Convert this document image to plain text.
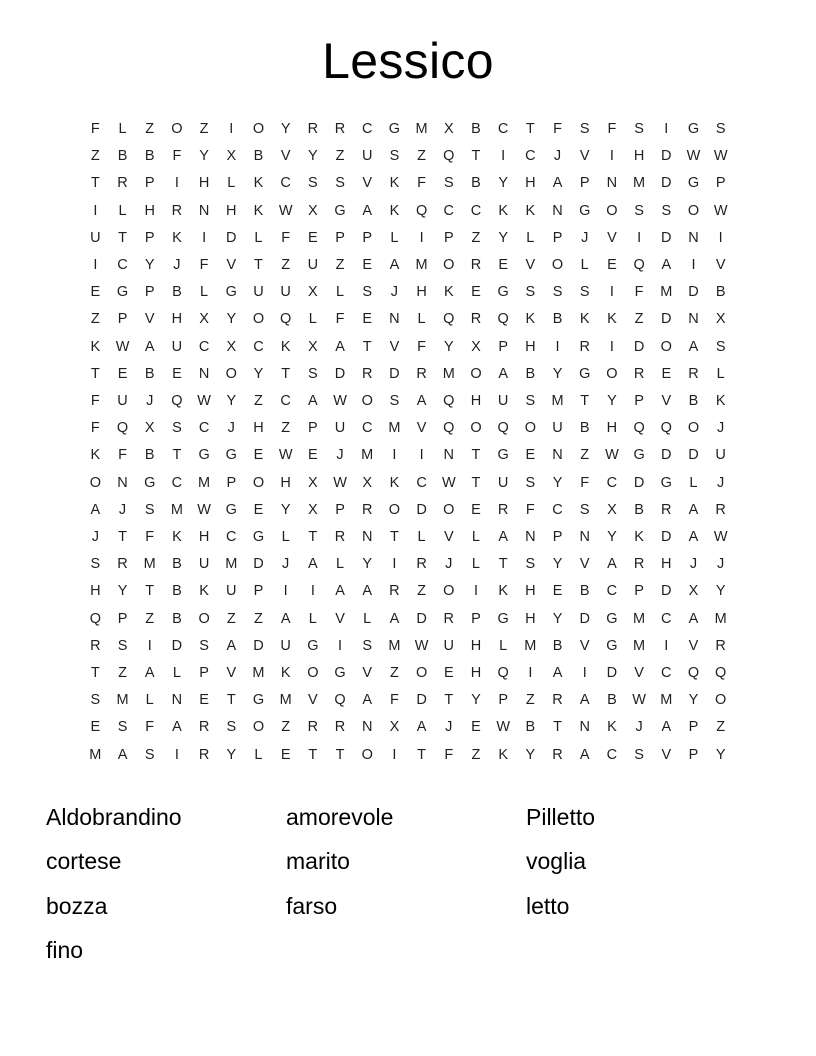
Lessico
F	L	Z	O	Z	I	O	Y	R	R	C	G	M	X	B	C	T	F	S	F	S	I	G	S
Z	B	B	F	Y	X	B	V	Y	Z	U	S	Z	Q	T	I	C	J	V	I	H	D	W	W
T	R	P	I	H	L	K	C	S	S	V	K	F	S	B	Y	H	A	P	N	M	D	G	P
I	L	H	R	N	H	K	W	X	G	A	K	Q	C	C	K	K	N	G	O	S	S	O	W
U	T	P	K	I	D	L	F	E	P	P	L	I	P	Z	Y	L	P	J	V	I	D	N	I
I	C	Y	J	F	V	T	Z	U	Z	E	A	M	O	R	E	V	O	L	E	Q	A	I	V
E	G	P	B	L	G	U	U	X	L	S	J	H	K	E	G	S	S	S	I	F	M	D	B
Z	P	V	H	X	Y	O	Q	L	F	E	N	L	Q	R	Q	K	B	K	K	Z	D	N	X
K	W	A	U	C	X	C	K	X	A	T	V	F	Y	X	P	H	I	R	I	D	O	A	S
T	E	B	E	N	O	Y	T	S	D	R	D	R	M	O	A	B	Y	G	O	R	E	R	L
F	U	J	Q	W	Y	Z	C	A	W	O	S	A	Q	H	U	S	M	T	Y	P	V	B	K
F	Q	X	S	C	J	H	Z	P	U	C	M	V	Q	O	Q	O	U	B	H	Q	Q	O	J
K	F	B	T	G	G	E	W	E	J	M	I	I	N	T	G	E	N	Z	W	G	D	D	U
O	N	G	C	M	P	O	H	X	W	X	K	C	W	T	U	S	Y	F	C	D	G	L	J
A	J	S	M	W	G	E	Y	X	P	R	O	D	O	E	R	F	C	S	X	B	R	A	R
J	T	F	K	H	C	G	L	T	R	N	T	L	V	L	A	N	P	N	Y	K	D	A	W
S	R	M	B	U	M	D	J	A	L	Y	I	R	J	L	T	S	Y	V	A	R	H	J	J
H	Y	T	B	K	U	P	I	I	A	A	R	Z	O	I	K	H	E	B	C	P	D	X	Y
Q	P	Z	B	O	Z	Z	A	L	V	L	A	D	R	P	G	H	Y	D	G	M	C	A	M
R	S	I	D	S	A	D	U	G	I	S	M	W	U	H	L	M	B	V	G	M	I	V	R
T	Z	A	L	P	V	M	K	O	G	V	Z	O	E	H	Q	I	A	I	D	V	C	Q	Q
S	M	L	N	E	T	G	M	V	Q	A	F	D	T	Y	P	Z	R	A	B	W	M	Y	O
E	S	F	A	R	S	O	Z	R	R	N	X	A	J	E	W	B	T	N	K	J	A	P	Z
M	A	S	I	R	Y	L	E	T	T	O	I	T	F	Z	K	Y	R	A	C	S	V	P	Y
Aldobrandino	amorevole	Pilletto
cortese	marito	voglia
bozza	farso	letto
fino
